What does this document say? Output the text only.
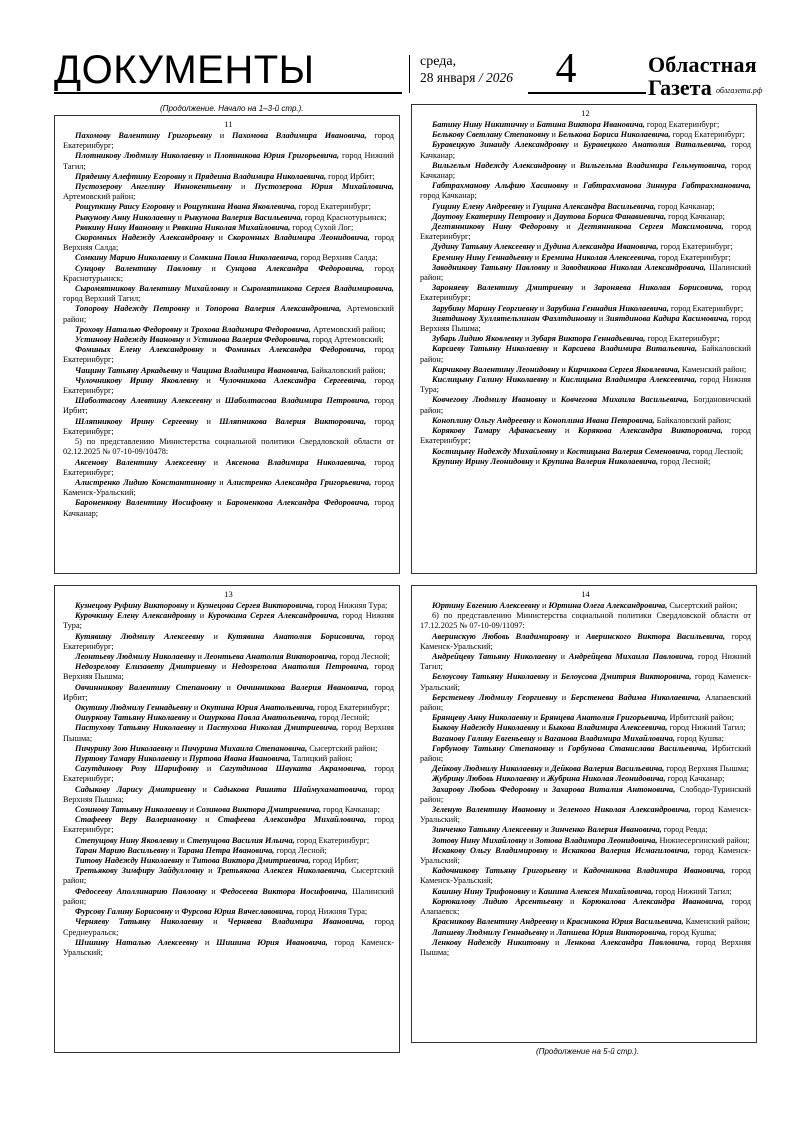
ДОКУМЕНТЫ	среда,
28 января / 2026	4	Областная
Газета облгазета.рф
(Продолжение. Начало на 1–3-й стр.).
11
Пахомову Валентину Григорьевну и Пахомова Владимира Ивановича, город Екатеринбург;
Плотникову Людмилу Николаевну и Плотникова Юрия Григорьевича, город Нижний Тагил;
Прядеину Алефтину Егоровну и Прядеина Владимира Николаевича, город Ирбит;
Пустозерову Ангелину Иннокентьевну и Пустозерова Юрия Михайловича, Артемовский район;
Рощупкину Раису Егоровну и Рощупкина Ивана Яковлевича, город Екатеринбург;
Рыкунову Анну Николаевну и Рыкунова Валерия Васильевича, город Краснотурьинск;
Рявкину Нину Ивановну и Рявкина Николая Михайловича, город Сухой Лог;
Скоромных Надежду Александровну и Скоромных Владимира Леонидовича, город Верхняя Салда;
Сомкину Марию Николаевну и Сомкина Павла Николаевича, город Верхняя Салда;
Сунцову Валентину Павловну и Сунцова Александра Федоровича, город Краснотурьинск;
Сыромятникову Валентину Михайловну и Сыромятникова Сергея Владимировича, город Верхний Тагил;
Топорову Надежду Петровну и Топорова Валерия Александровича, Артемовский район;
Трохову Наталью Федоровну и Трохова Владимира Федоровича, Артемовский район;
Устинову Надежду Ивановну и Устинова Валерия Федоровича, город Артемовский;
Фоминых Елену Александровну и Фоминых Александра Федоровича, город Екатеринбург;
Чащину Татьяну Аркадьевну и Чащина Владимира Ивановича, Байкаловский район;
Чулочникову Ирину Яковлевну и Чулочникова Александра Сергеевича, город Екатеринбург;
Шаболтасову Алевтину Алексеевну и Шаболтасова Владимира Петровича, город Ирбит;
Шляпникову Ирину Сергеевну и Шляпникова Валерия Викторовича, город Екатеринбург;
5) по представлению Министерства социальной политики Свердловской области от 02.12.2025 № 07-10-09/10478:
Аксенову Валентину Алексеевну и Аксенова Владимира Николаевича, город Екатеринбург;
Алистренко Лидию Константиновну и Алистренко Александра Григорьевича, город Каменск-Уральский;
Бароненкову Валентину Иосифовну и Бароненкова Александра Федоровича, город Качканар;
12
Батину Нину Никитичну и Батина Виктора Ивановича, город Екатеринбург;
Белькову Светлану Степановну и Белькова Бориса Николаевича, город Екатеринбург;
Буравецкую Зинаиду Александровну и Буравецкого Анатолия Витальевича, город Качканар;
Вильгельм Надежду Александровну и Вильгельма Владимира Гельмутовича, город Качканар;
Габтрахманову Альфию Хасановну и Габтрахманова Зиннура Габтрахмановича, город Качканар;
Гущину Елену Андреевну и Гущина Александра Васильевича, город Качканар;
Даутову Екатерину Петровну и Даутова Бориса Фанавиевича, город Качканар;
Дегтянникову Нину Федоровну и Дегтянникова Сергея Максимовича, город Екатеринбург;
Дудину Татьяну Алексеевну и Дудина Александра Ивановича, город Екатеринбург;
Еремину Нину Геннадьевну и Еремина Николая Алексеевича, город Екатеринбург;
Заводникову Татьяну Павловну и Заводникова Николая Александровича, Шалинский район;
Зароняеву Валентину Дмитриевну и Зароняева Николая Борисовича, город Екатеринбург;
Зарубину Марину Георгиевну и Зарубина Геннадия Николаевича, город Екатеринбург;
Зиятдинову Хуллятельзинан Фазлтдиновну и Зиятдинова Кадира Касимовича, город Верхняя Пышма;
Зубарь Лидию Яковлевну и Зубаря Виктора Геннадьевича, город Екатеринбург;
Карсаеву Татьяну Николаевну и Карсаева Владимира Витальевича, Байкаловский район;
Кирчикову Валентину Леонидовну и Кирчикова Сергея Яковлевича, Каменский район;
Кислицыну Галину Николаевну и Кислицына Владимира Алексеевича, город Нижняя Тура;
Ковчегову Людмилу Ивановну и Ковчегова Михаила Васильевича, Богдановичский район;
Коноплину Ольгу Андреевну и Коноплина Ивана Петровича, Байкаловский район;
Корякову Тамару Афанасьевну и Корякова Александра Викторовича, город Екатеринбург;
Костицыну Надежду Михайловну и Костицына Валерия Семеновича, город Лесной;
Крупину Ирину Леонидовну и Крупина Валерия Николаевича, город Лесной;
13
Кузнецову Руфину Викторовну и Кузнецова Сергея Викторовича, город Нижняя Тура;
Курочкину Елену Александровну и Курочкина Сергея Александровича, город Нижняя Тура;
Кутявину Людмилу Алексеевну и Кутявина Анатолия Борисовича, город Екатеринбург;
Леонтьеву Людмилу Николаевну и Леонтьева Анатолия Викторовича, город Лесной;
Недозрелову Елизавету Дмитриевну и Недозрелова Анатолия Петровича, город Верхняя Пышма;
Овчинникову Валентину Степановну и Овчинникова Валерия Ивановича, город Ирбит;
Окутину Людмилу Геннадьевну и Окутина Юрия Анатольевича, город Екатеринбург;
Ошуркову Татьяну Николаевну и Ошуркова Павла Анатольевича, город Лесной;
Пастухову Татьяну Николаевну и Пастухова Николая Дмитриевича, город Верхняя Пышма;
Пичурину Зою Николаевну и Пичурина Михаила Степановича, Сысертский район;
Пуртову Тамару Николаевну и Пуртова Ивана Ивановича, Талицкий район;
Сагутдинову Розу Шарифовну и Сагутдинова Шауката Акрамовича, город Екатеринбург;
Садыкову Ларису Дмитриевну и Садыкова Рашита Шаймухаматовича, город Верхняя Пышма;
Созинову Татьяну Николаевну и Созинова Виктора Дмитриевича, город Качканар;
Стафееву Веру Валериановну и Стафеева Александра Михайловича, город Екатеринбург;
Степущову Нину Яковлевну и Степущова Василия Ильича, город Екатеринбург;
Таран Марию Васильевну и Тарана Петра Ивановича, город Лесной;
Титову Надежду Николаевну и Титова Виктора Дмитриевича, город Ирбит;
Третьякову Зимфиру Зайдулловну и Третьякова Алексея Николаевича, Сысертский район;
Федосееву Аполлинарию Павловну и Федосеева Виктора Иосифовича, Шалинский район;
Фурсову Галину Борисовну и Фурсова Юрия Вячеславовича, город Нижняя Тура;
Черняеву Татьяну Николаевну и Черняева Владимира Ивановича, город Среднеуральск;
Шишину Наталью Алексеевну и Шишина Юрия Ивановича, город Каменск-Уральский;
14
Юртину Евгению Алексеевну и Юртина Олега Александровича, Сысертский район;
6) по представлению Министерства социальной политики Свердловской области от 17.12.2025 № 07-10-09/11097:
Аверинскую Любовь Владимировну и Аверинского Виктора Васильевича, город Каменск-Уральский;
Андрейцеву Татьяну Николаевну и Андрейцева Михаила Павловича, город Нижний Тагил;
Белоусову Татьяну Николаевну и Белоусова Дмитрия Викторовича, город Каменск-Уральский;
Берстеневу Людмилу Георгиевну и Берстенева Вадима Николаевича, Алапаевский район;
Брянцеву Анну Николаевну и Брянцева Анатолия Григорьевича, Ирбитский район;
Быкову Надежду Николаевну и Быкова Владимира Алексеевича, город Нижний Тагил;
Ваганову Галину Евгеньевну и Ваганова Владимира Михайловича, город Кушва;
Горбунову Татьяну Степановну и Горбунова Станислава Васильевича, Ирбитский район;
Дейкову Людмилу Николаевну и Дейкова Валерия Васильевича, город Верхняя Пышма;
Жубрину Любовь Николаевну и Жубрина Николая Леонидовича, город Качканар;
Захарову Любовь Федоровну и Захарова Виталия Антоновича, Слободо-Туринский район;
Зеленую Валентину Ивановну и Зеленого Николая Александровича, город Каменск-Уральский;
Зинченко Татьяну Алексеевну и Зинченко Валерия Ивановича, город Ревда;
Зотову Нину Михайловну и Зотова Владимира Леонидовича, Нижнесергинский район;
Искакову Ольгу Владимировну и Искакова Валерия Исмагиловича, город Каменск-Уральский;
Кадочникову Татьяну Григорьевну и Кадочникова Владимира Ивановича, город Каменск-Уральский;
Кашину Нину Трифоновну и Кашина Алексея Михайловича, город Нижний Тагил;
Корюкалову Лидию Арсентьевну и Корюкалова Александра Ивановича, город Алапаевск;
Красникову Валентину Андреевну и Красникова Юрия Васильевича, Каменский район;
Лапшеву Людмилу Геннадьевну и Лапшева Юрия Викторовича, город Кушва;
Ленкову Надежду Никитовну и Ленкова Александра Павловича, город Верхняя Пышма;
(Продолжение на 5-й стр.).
